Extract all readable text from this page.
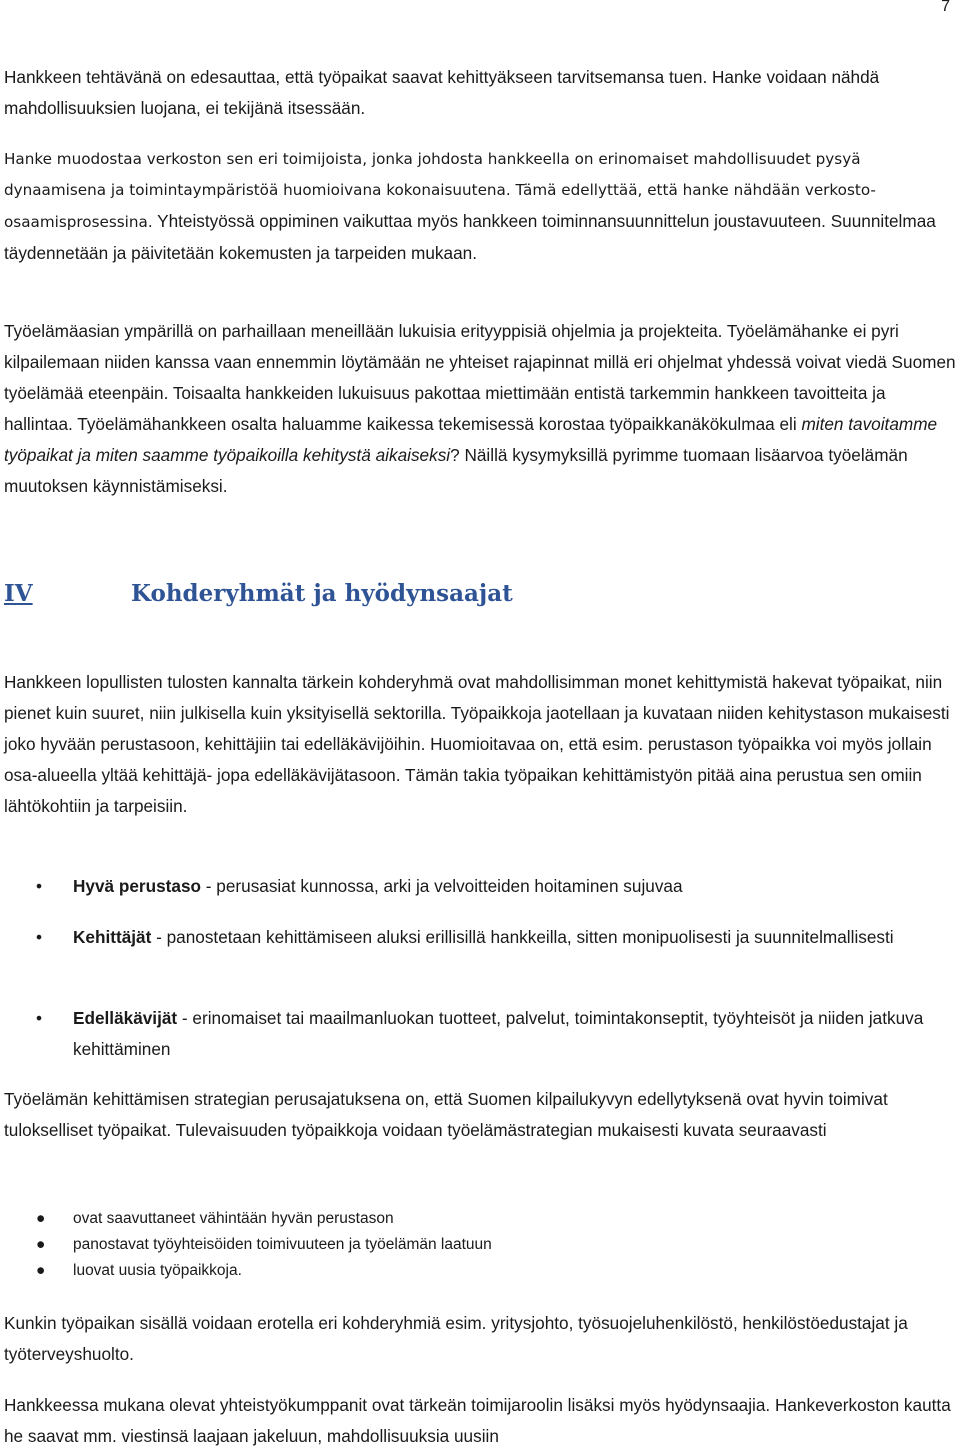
7

Hankkeen tehtävänä on edesauttaa, että työpaikat saavat kehittyäkseen tarvitsemansa tuen. Hanke voidaan nähdä mahdollisuuksien luojana, ei tekijänä itsessään.

Hanke muodostaa verkoston sen eri toimijoista, jonka johdosta hankkeella on erinomaiset mahdollisuudet pysyä dynaamisena ja toimintaympäristöä huomioivana kokonaisuutena. Tämä edellyttää, että hanke nähdään verkosto-osaamisprosessina. Yhteistyössä oppiminen vaikuttaa myös hankkeen toiminnansuunnittelun joustavuuteen. Suunnitelmaa täydennetään ja päivitetään kokemusten ja tarpeiden mukaan.

Työelämäasian ympärillä on parhaillaan meneillään lukuisia erityyppisiä ohjelmia ja projekteita. Työelämähanke ei pyri kilpailemaan niiden kanssa vaan ennemmin löytämään ne yhteiset rajapinnat millä eri ohjelmat yhdessä voivat viedä Suomen työelämää eteenpäin. Toisaalta hankkeiden lukuisuus pakottaa miettimään entistä tarkemmin hankkeen tavoitteita ja hallintaa. Työelämähankkeen osalta haluamme kaikessa tekemisessä korostaa työpaikkanäkökulmaa eli miten tavoitamme työpaikat ja miten saamme työpaikoilla kehitystä aikaiseksi? Näillä kysymyksillä pyrimme tuomaan lisäarvoa työelämän muutoksen käynnistämiseksi.

IV	Kohderyhmät ja hyödynsaajat

Hankkeen lopullisten tulosten kannalta tärkein kohderyhmä ovat mahdollisimman monet kehittymistä hakevat työpaikat, niin pienet kuin suuret, niin julkisella kuin yksityisellä sektorilla. Työpaikkoja jaotellaan ja kuvataan niiden kehitystason mukaisesti joko hyvään perustasoon, kehittäjiin tai edelläkävijöihin. Huomioitavaa on, että esim. perustason työpaikka voi myös jollain osa-alueella yltää kehittäjä- jopa edelläkävijätasoon. Tämän takia työpaikan kehittämistyön pitää aina perustua sen omiin lähtökohtiin ja tarpeisiin.

• Hyvä perustaso - perusasiat kunnossa, arki ja velvoitteiden hoitaminen sujuvaa
• Kehittäjät - panostetaan kehittämiseen aluksi erillisillä hankkeilla, sitten monipuolisesti ja suunnitelmallisesti
• Edelläkävijät - erinomaiset tai maailmanluokan tuotteet, palvelut, toimintakonseptit, työyhteisöt ja niiden jatkuva kehittäminen

Työelämän kehittämisen strategian perusajatuksena on, että Suomen kilpailukyvyn edellytyksenä ovat hyvin toimivat tulokselliset työpaikat. Tulevaisuuden työpaikkoja voidaan työelämästrategian mukaisesti kuvata seuraavasti

● ovat saavuttaneet vähintään hyvän perustason
● panostavat työyhteisöiden toimivuuteen ja työelämän laatuun
● luovat uusia työpaikkoja.

Kunkin työpaikan sisällä voidaan erotella eri kohderyhmiä esim. yritysjohto, työsuojeluhenkilöstö, henkilöstöedustajat ja työterveyshuolto.

Hankkeessa mukana olevat yhteistyökumppanit ovat tärkeän toimijaroolin lisäksi myös hyödynsaajia. Hankeverkoston kautta he saavat mm. viestinsä laajaan jakeluun, mahdollisuuksia uusiin
